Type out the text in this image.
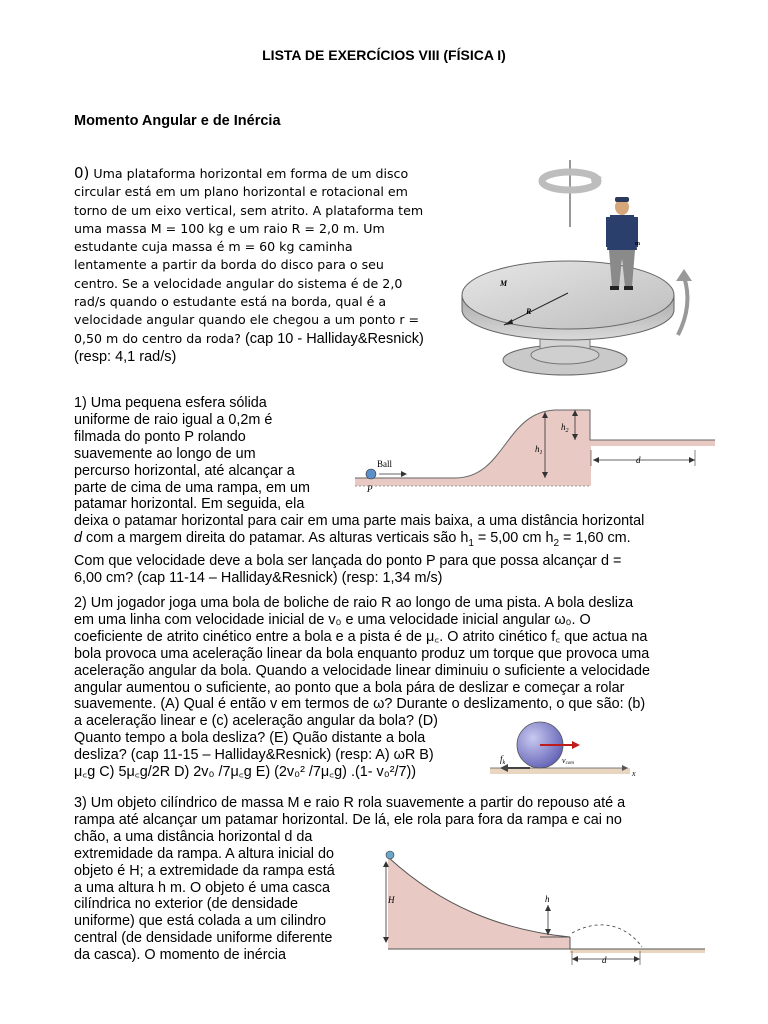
LISTA DE EXERCÍCIOS VIII (FÍSICA I)
Momento Angular e de Inércia
0) Uma plataforma horizontal em forma de um disco circular está em um plano horizontal e rotacional em torno de um eixo vertical, sem atrito. A plataforma tem uma massa M = 100 kg e um raio R = 2,0 m. Um estudante cuja massa é m = 60 kg caminha lentamente a partir da borda do disco para o seu centro. Se a velocidade angular do sistema é de 2,0 rad/s quando o estudante está na borda, qual é a velocidade angular quando ele chegou a um ponto r = 0,50 m do centro da roda? (cap 10 - Halliday&Resnick) (resp: 4,1 rad/s)
R
M
m
1) Uma pequena esfera sólida
uniforme de raio igual a 0,2m é
filmada do ponto P rolando
suavemente ao longo de um
percurso horizontal, até alcançar a
parte de cima de uma rampa, em um
patamar horizontal. Em seguida, ela
deixa o patamar horizontal para cair em uma parte mais baixa, a uma distância horizontal
d com a margem direita do patamar. As alturas verticais são $h_1 = 5,00$ cm $h_2 = 1,60$ cm.
Com que velocidade deve a bola ser lançada do ponto P para que possa alcançar d =
6,00 cm? (cap 11-14 – Halliday&Resnick) (resp: 1,34 m/s)
$h_1$
$h_2$
d
Ball
P
2) Um jogador joga uma bola de boliche de raio R ao longo de uma pista. A bola desliza
em uma linha com velocidade inicial de v₀ e uma velocidade inicial angular ω₀. O
coeficiente de atrito cinético entre a bola e a pista é de μ꜀. O atrito cinético f꜀ que actua na
bola provoca uma aceleração linear da bola enquanto produz um torque que provoca uma
aceleração angular da bola. Quando a velocidade linear diminuiu o suficiente a velocidade
angular aumentou o suficiente, ao ponto que a bola pára de deslizar e começar a rolar
suavemente. (A) Qual é então v em termos de ω? Durante o deslizamento, o que são: (b)
a aceleração linear e (c) aceleração angular da bola? (D)
Quanto tempo a bola desliza? (E) Quão distante a bola
desliza? (cap 11-15 – Halliday&Resnick) (resp: A) ωR B)
μ꜀g C) 5μ꜀g/2R D) 2v₀ /7μ꜀g E) (2v₀² /7μ꜀g) .(1- v₀²/7))
vcom
$f_k$
x
3) Um objeto cilíndrico de massa M e raio R rola suavemente a partir do repouso até a
rampa até alcançar um patamar horizontal. De lá, ele rola para fora da rampa e cai no
chão, a uma distância horizontal d da
extremidade da rampa. A altura inicial do
objeto é H; a extremidade da rampa está
a uma altura h m. O objeto é uma casca
cilíndrica no exterior (de densidade
uniforme) que está colada a um cilindro
central (de densidade uniforme diferente
da casca). O momento de inércia
H	h
d
